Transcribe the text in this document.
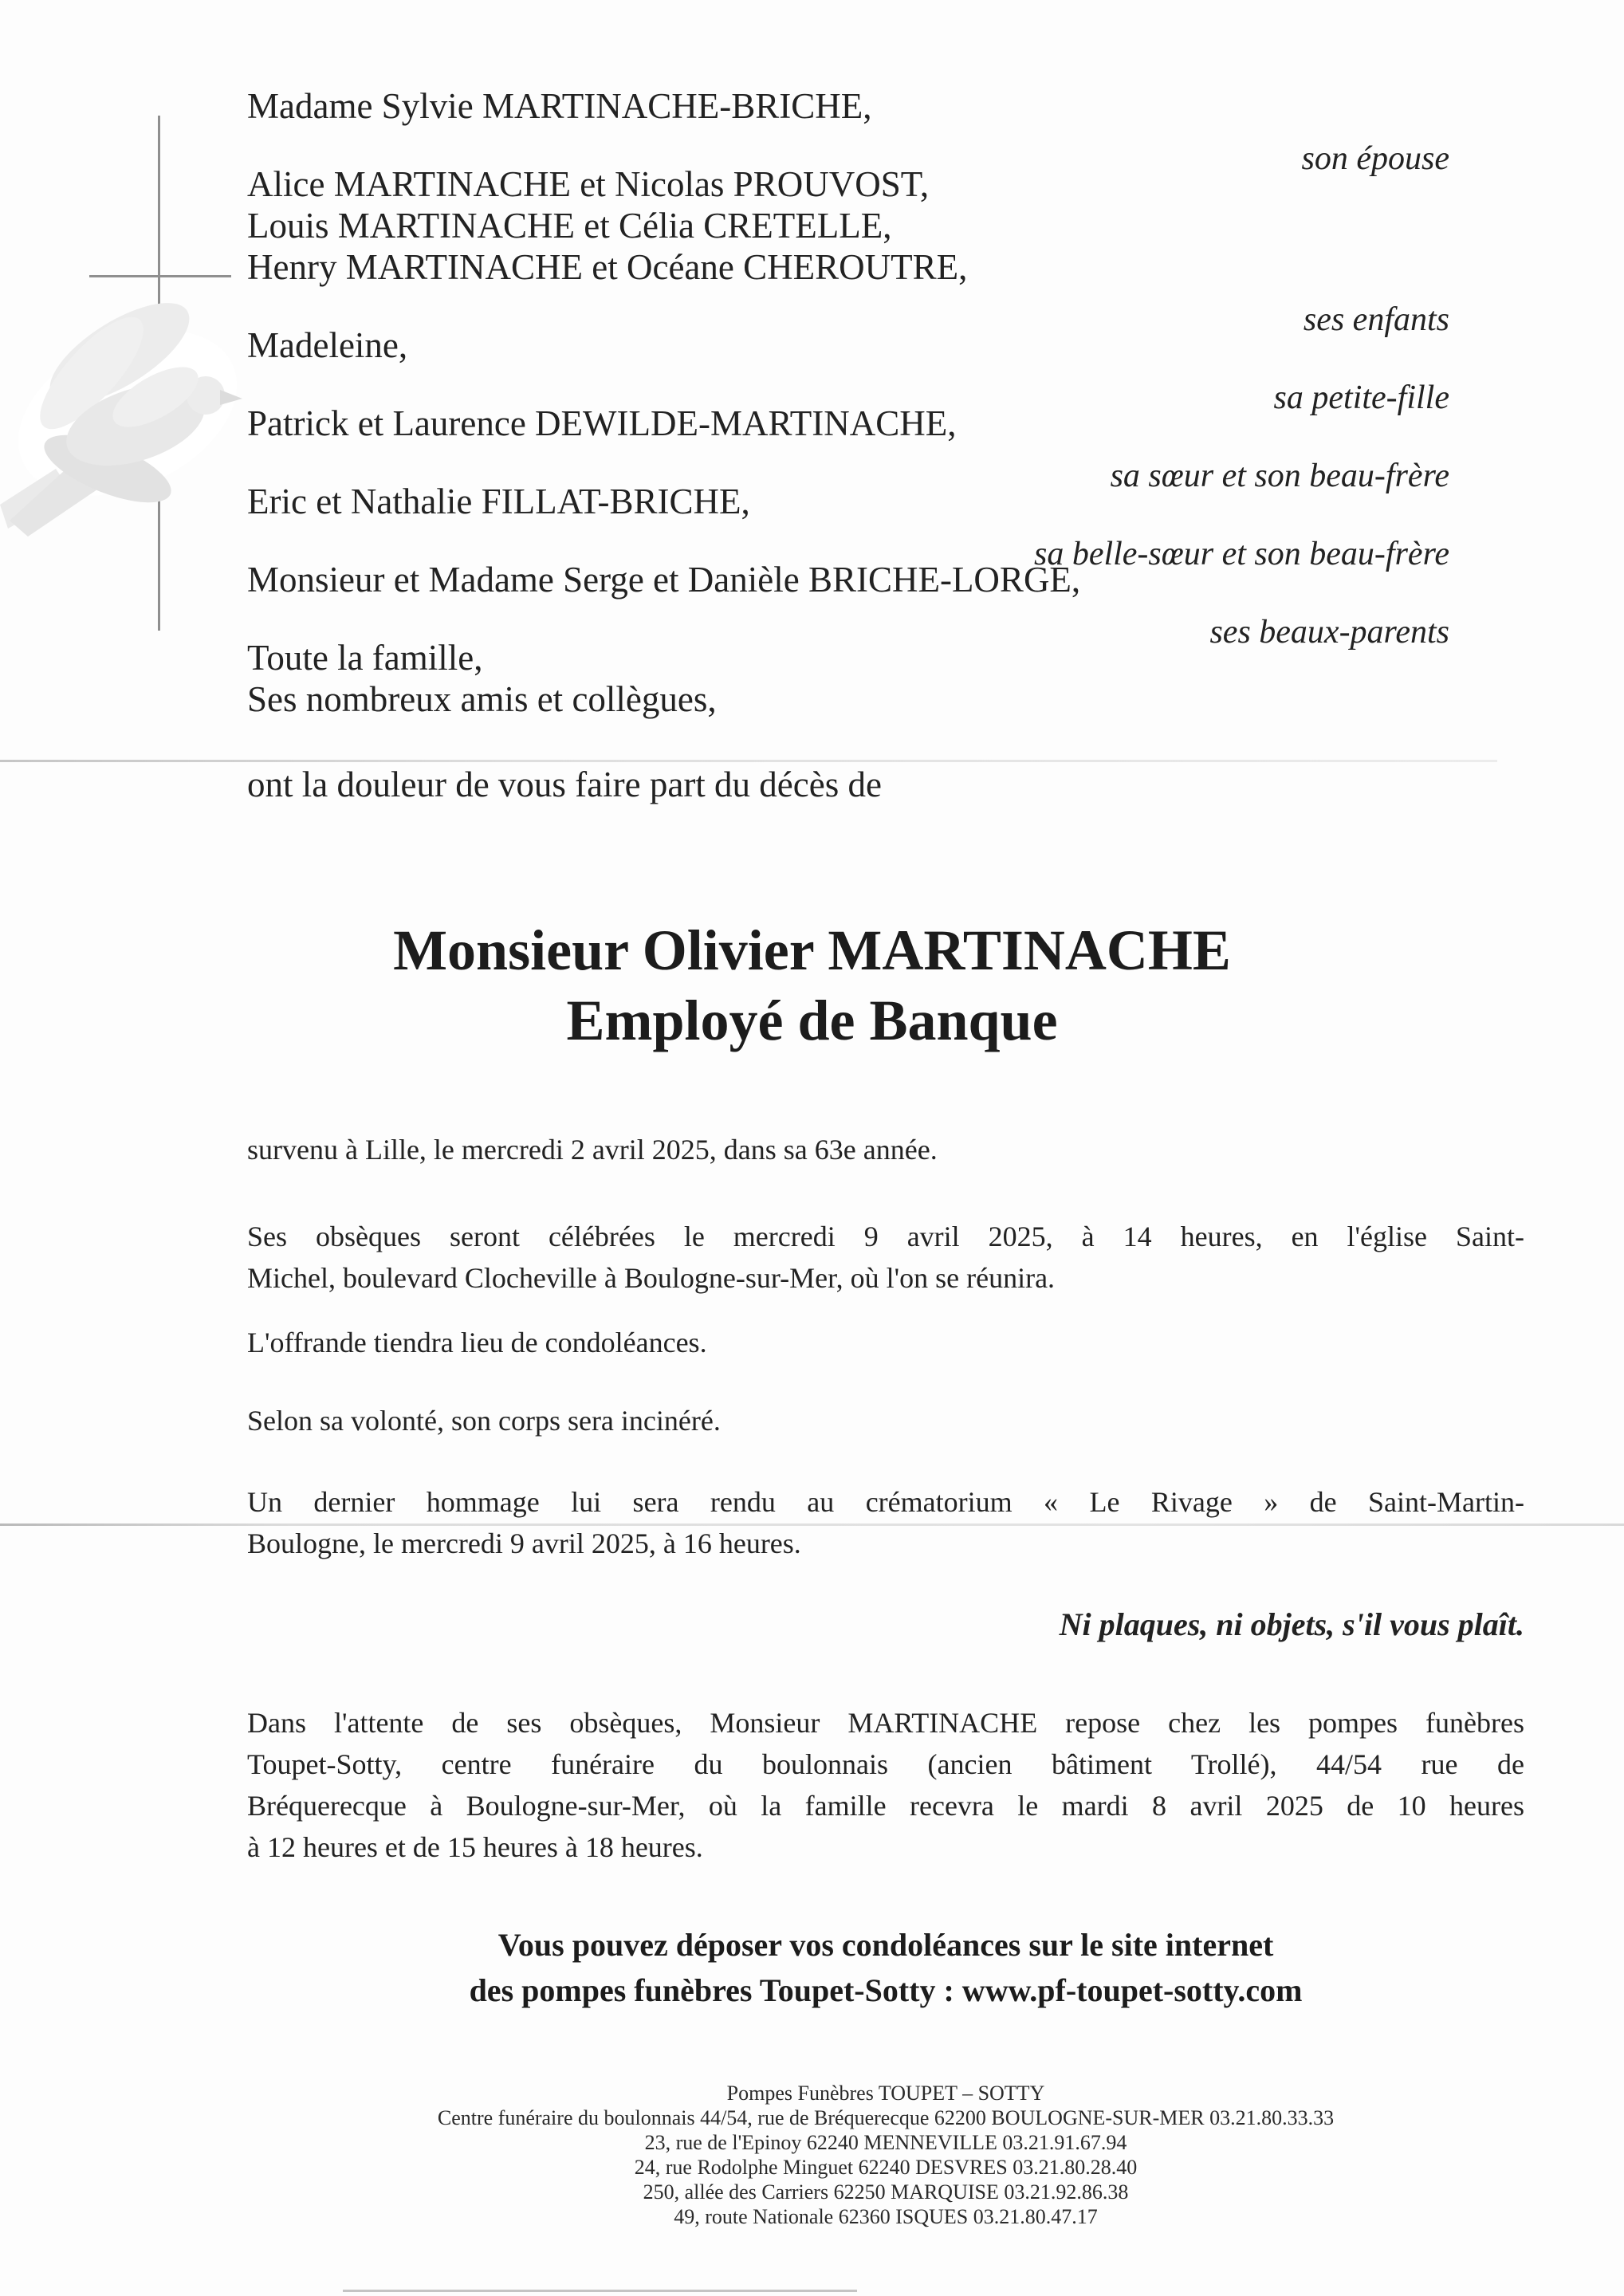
Madame Sylvie MARTINACHE-BRICHE,
son épouse
Alice MARTINACHE et Nicolas PROUVOST,
Louis MARTINACHE et Célia CRETELLE,
Henry MARTINACHE et Océane CHEROUTRE,
ses enfants
Madeleine,
sa petite-fille
Patrick et Laurence DEWILDE-MARTINACHE,
sa sœur et son beau-frère
Eric et Nathalie FILLAT-BRICHE,
sa belle-sœur et son beau-frère
Monsieur et Madame Serge et Danièle BRICHE-LORGE,
ses beaux-parents
Toute la famille,
Ses nombreux amis et collègues,
ont la douleur de vous faire part du décès de
Monsieur Olivier MARTINACHE
Employé de Banque
survenu à Lille, le mercredi 2 avril 2025, dans sa 63e année.
Ses obsèques seront célébrées le mercredi 9 avril 2025, à 14 heures, en l'église Saint-
Michel, boulevard Clocheville à Boulogne-sur-Mer, où l'on se réunira.
L'offrande tiendra lieu de condoléances.
Selon sa volonté, son corps sera incinéré.
Un dernier hommage lui sera rendu au crématorium « Le Rivage » de Saint-Martin-
Boulogne, le mercredi 9 avril 2025, à 16 heures.
Ni plaques, ni objets, s'il vous plaît.
Dans l'attente de ses obsèques, Monsieur MARTINACHE repose chez les pompes funèbres
Toupet-Sotty, centre funéraire du boulonnais (ancien bâtiment Trollé), 44/54 rue de
Bréquerecque à Boulogne-sur-Mer, où la famille recevra le mardi 8 avril 2025 de 10 heures
à 12 heures et de 15 heures à 18 heures.
Vous pouvez déposer vos condoléances sur le site internet
des pompes funèbres Toupet-Sotty : www.pf-toupet-sotty.com
Pompes Funèbres TOUPET – SOTTY
Centre funéraire du boulonnais 44/54, rue de Bréquerecque 62200 BOULOGNE-SUR-MER 03.21.80.33.33
23, rue de l'Epinoy 62240 MENNEVILLE 03.21.91.67.94
24, rue Rodolphe Minguet 62240 DESVRES 03.21.80.28.40
250, allée des Carriers 62250 MARQUISE 03.21.92.86.38
49, route Nationale 62360 ISQUES 03.21.80.47.17
